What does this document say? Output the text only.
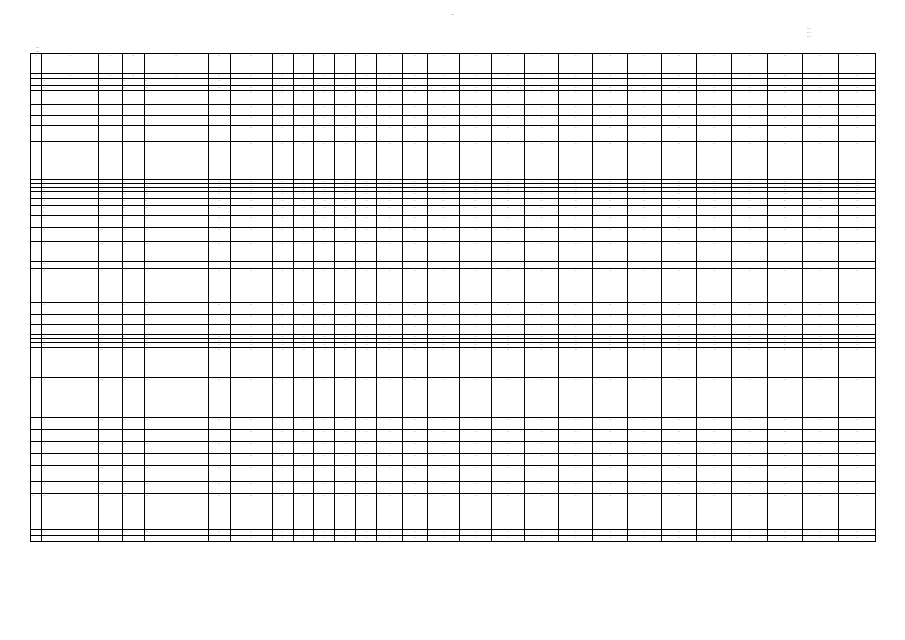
…
…
…
…
…
…
…	…	…	…	…	…	…	…	…	…	…	…	…	…	…	…	…	…	…	…	…	…	…	…	…	…	…
…	…	…	…	…	…	…	…	…	…	…	…	…	…	…	…	…	…	…	…	…	…	…	…	…	…	…
	…	…	…	…	…																					
	…	…	…	…	…	…	…	…	…	…	…	…	…	…	…	…	…	…	…	…	…	…	…	…	…	…
						…	…	…	…	…	…	…	…	…	…	…	…	…	…	…	…	…	…	…	…	…
						…	…	…	…	…	…	…	…	…	…	…	…	…	…	…	…	…	…	…	…	…
						…	…	…	…	…	…	…	…	…	…	…	…	…	…	…	…	…	…	…	…	…
						…	…	…	…	…	…	…	…	…	…	…	…	…	…	…	…	…	…	…	…	…
						…	…	…	…	…	…	…	…	…	…	…	…	…	…	…	…	…	…	…	…	…
	…	…	…	…	…	…	…	…	…	…	…	…	…	…	…	…	…	…	…	…	…	…	…	…	…	…
	…	…	…	…	…	…	…	…	…	…	…	…	…	…	…	…	…	…	…	…	…	…	…	…	…	…
	…	…	…	…	…	…	…	…	…	…	…	…	…	…	…	…	…	…	…	…	…	…	…	…	…	…
	…	…	…	…	…	…	…	…	…	…	…	…	…	…	…	…	…	…	…	…	…	…	…	…	…	…
	…	…	…	…	…	…	…	…	…	…	…	…	…	…	…	…	…	…	…	…	…	…	…	…	…	…
	…	…	…	…	…	…	…	…	…	…	…	…	…	…	…	…	…	…	…	…	…	…	…	…	…	…
	…	…	…	…	…	…	…	…	…	…	…	…	…	…	…	…	…	…	…	…	…	…	…	…	…	…
	…	…	…	…	…	…	…	…	…	…	…	…	…	…	…	…	…	…	…	…	…	…	…	…	…	…
	…	…	…	…	…	…	…	…	…	…	…	…	…	…	…	…	…	…	…	…	…	…	…	…	…	…
	…																									
…	…	…	…	…	…	…	…	…	…	…	…	…	…	…	…	…	…	…	…	…	…	…	…	…	…	…
	…	…	…	…	…	…	…	…	…	…	…	…	…	…	…	…	…	…	…	…	…	…	…	…	…	…
						…	…	…	…	…	…	…	…	…	…	…	…	…	…	…	…	…	…	…	…	…
						…	…	…	…	…	…	…	…	…	…	…	…	…	…	…	…	…	…	…	…	…
	…	…	…	…	…	…	…	…	…	…	…	…	…	…	…	…	…	…	…	…	…	…	…	…	…	…
	…	…	…	…	…	…	…	…	…	…	…	…	…	…	…	…	…	…	…	…	…	…	…	…	…	…
	…	…	…	…	…	…	…	…	…	…	…	…	…	…	…	…	…	…	…	…	…	…	…	…	…	…
	…	…	…	…	…	…	…	…	…	…	…	…	…	…	…	…	…	…	…	…	…	…	…	…	…	…
…	…	…	…	…	…	…	…	…	…	…	…	…	…	…	…	…	…	…	…	…	…	…	…	…	…	…
	…	…	…	…	…	…	…	…	…	…	…	…	…	…	…	…	…	…	…	…	…	…	…	…	…	…
						…	…	…	…	…	…	…	…	…	…	…	…	…	…	…	…	…	…	…	…	…
	…	…	…	…	…	…	…	…	…	…	…	…	…	…	…	…	…	…	…	…	…	…	…	…	…	…
						…	…	…	…	…	…	…	…	…	…	…	…	…	…	…	…	…	…	…	…	…
	…	…	…	…	…	…	…	…	…	…	…	…	…	…	…	…	…	…	…	…	…	…	…	…	…	…
	…	…	…	…	…	…	…	…	…	…	…	…	…	…	…	…	…	…	…	…	…	…	…	…	…	…
…	…	…	…	…	…	…	…	…	…	…	…	…	…	…	…	…	…	…	…	…	…	…	…	…	…	…
	…	…	…	…	…	…	…	…	…	…	…	…	…	…	…	…	…	…	…	…	…	…	…	…	…	…
						…	…	…	…	…	…	…	…	…	…	…	…	…	…	…	…	…	…	…	…	…
